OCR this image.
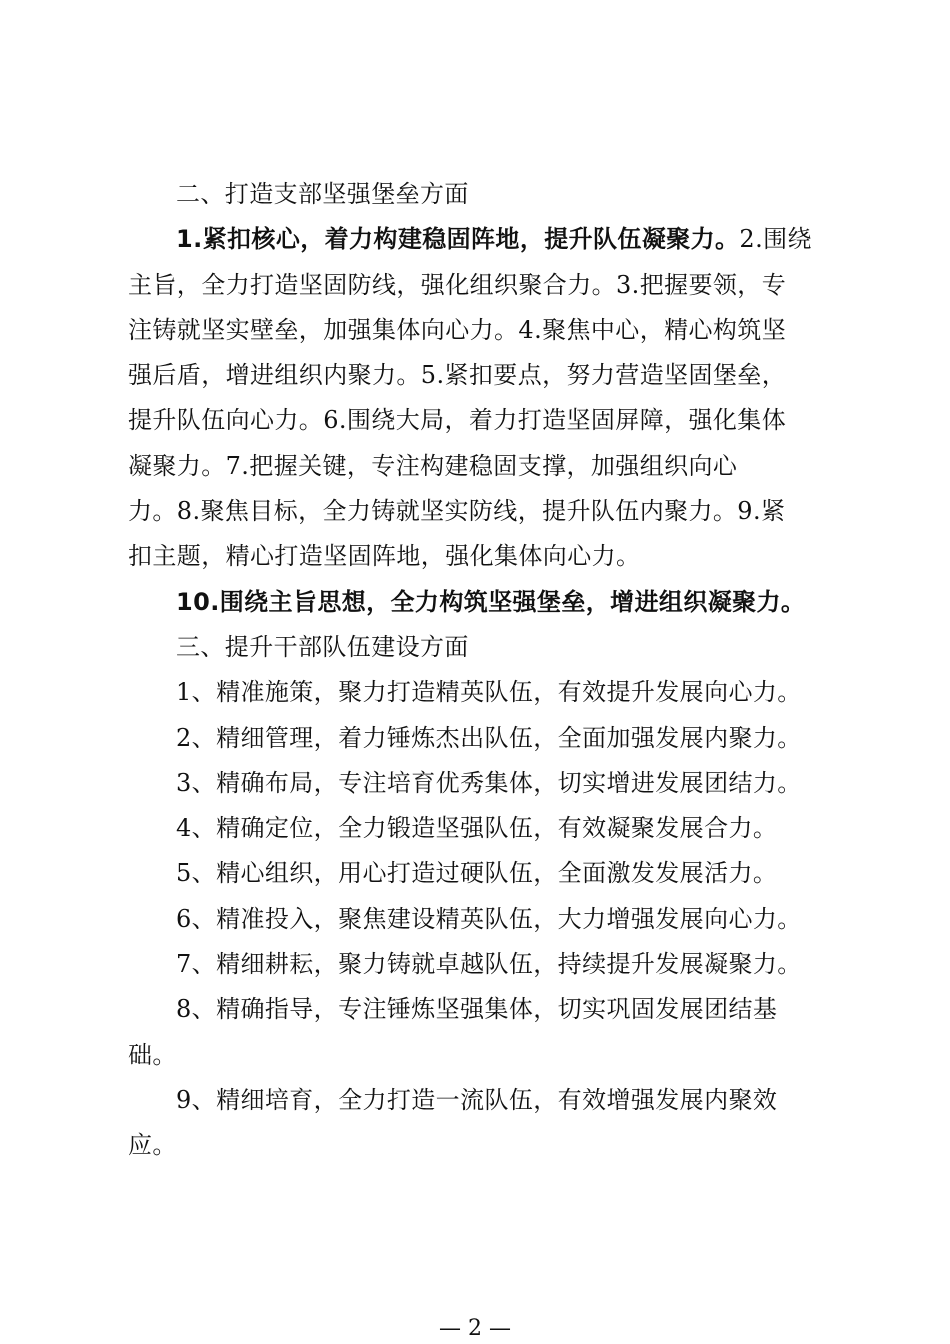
二、打造支部坚强堡垒方面
1.紧扣核心，着力构建稳固阵地，提升队伍凝聚力。2.围绕
主旨，全力打造坚固防线，强化组织聚合力。3.把握要领，专
注铸就坚实壁垒，加强集体向心力。4.聚焦中心，精心构筑坚
强后盾，增进组织内聚力。5.紧扣要点，努力营造坚固堡垒，
提升队伍向心力。6.围绕大局，着力打造坚固屏障，强化集体
凝聚力。7.把握关键，专注构建稳固支撑，加强组织向心
力。8.聚焦目标，全力铸就坚实防线，提升队伍内聚力。9.紧
扣主题，精心打造坚固阵地，强化集体向心力。
10.围绕主旨思想，全力构筑坚强堡垒，增进组织凝聚力。
三、提升干部队伍建设方面
1、精准施策，聚力打造精英队伍，有效提升发展向心力。
2、精细管理，着力锤炼杰出队伍，全面加强发展内聚力。
3、精确布局，专注培育优秀集体，切实增进发展团结力。
4、精确定位，全力锻造坚强队伍，有效凝聚发展合力。
5、精心组织，用心打造过硬队伍，全面激发发展活力。
6、精准投入，聚焦建设精英队伍，大力增强发展向心力。
7、精细耕耘，聚力铸就卓越队伍，持续提升发展凝聚力。
8、精确指导，专注锤炼坚强集体，切实巩固发展团结基
础。
9、精细培育，全力打造一流队伍，有效增强发展内聚效
应。
— 2 —
